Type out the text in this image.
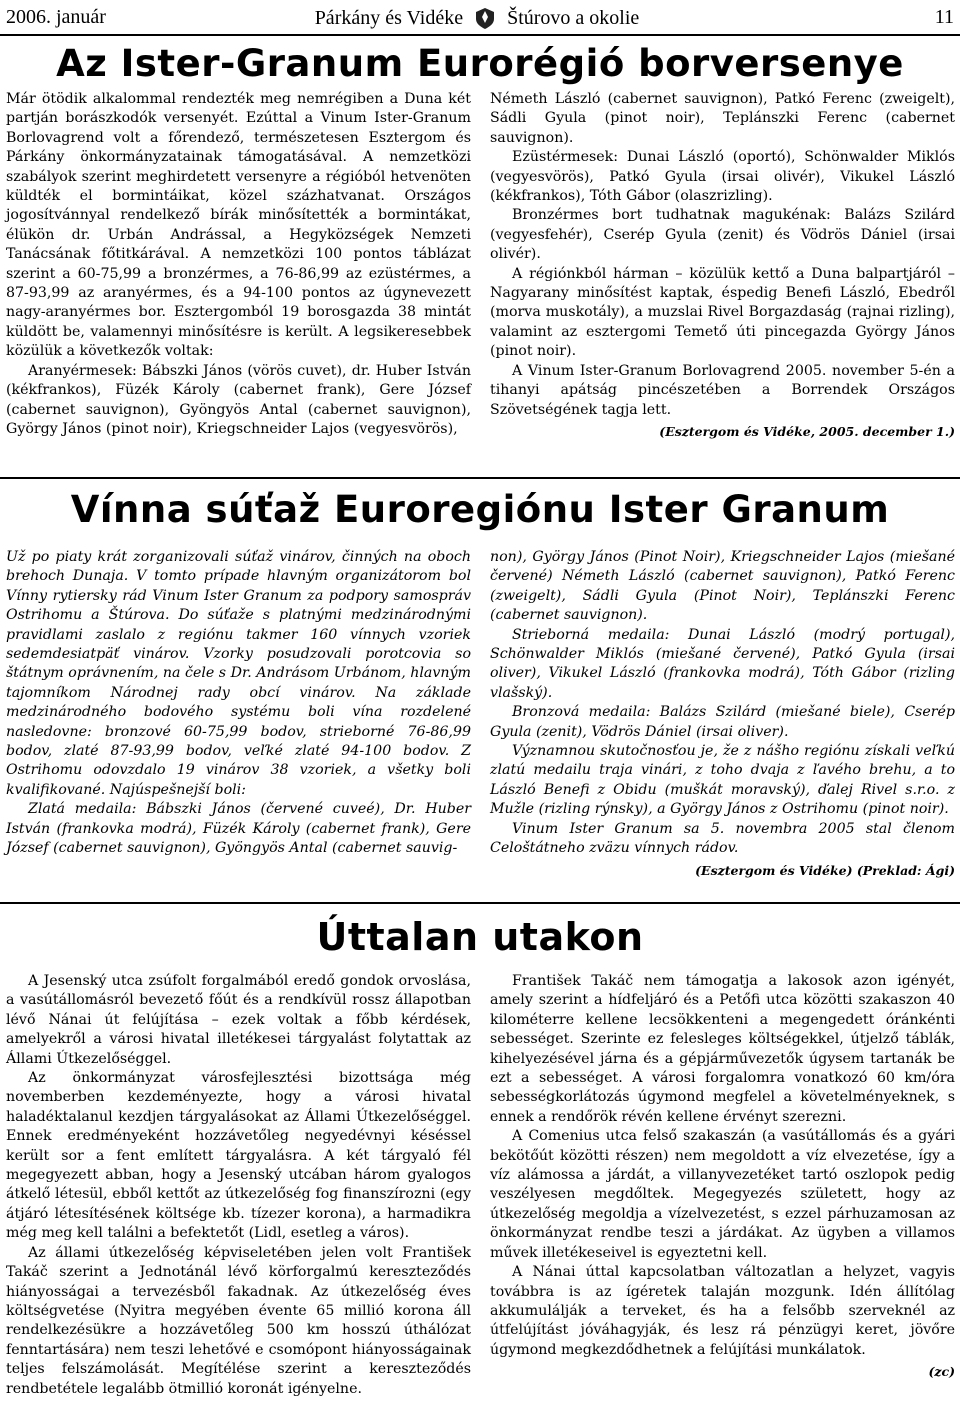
2006. január	Párkány és Vidéke Štúrovo a okolie	11
Az Ister-Granum Eurorégió borversenye

Már ötödik alkalommal rendezték meg nemrégiben a Duna két partján borászkodók versenyét. Ezúttal a Vinum Ister-Granum Borlovagrend volt a főrendező, természetesen Esztergom és Párkány önkormányzatainak támogatásával. A nemzetközi szabályok szerint meghirdetett versenyre a régióból hetvenöten küldték el bormintáikat, közel százhatvanat. Országos jogosítvánnyal rendelkező bírák minősítették a bormintákat, élükön dr. Urbán Andrással, a Hegyközségek Nemzeti Tanácsának főtitkárával. A nemzetközi 100 pontos táblázat szerint a 60-75,99 a bronzérmes, a 76-86,99 az ezüstérmes, a 87-93,99 az aranyérmes, és a 94-100 pontos az úgynevezett nagy-aranyérmes bor. Esztergomból 19 borosgazda 38 mintát küldött be, valamennyi minősítésre is került. A legsikeresebbek közülük a következők voltak:

Aranyérmesek: Bábszki János (vörös cuvet), dr. Huber István (kékfrankos), Füzék Károly (cabernet frank), Gere József (cabernet sauvignon), Gyöngyös Antal (cabernet sauvignon), György János (pinot noir), Kriegschneider Lajos (vegyesvörös),

Németh László (cabernet sauvignon), Patkó Ferenc (zweigelt), Sádli Gyula (pinot noir), Teplánszki Ferenc (cabernet sauvignon).

Ezüstérmesek: Dunai László (oportó), Schönwalder Miklós (vegyesvörös), Patkó Gyula (irsai olivér), Vikukel László (kékfrankos), Tóth Gábor (olaszrizling).

Bronzérmes bort tudhatnak magukénak: Balázs Szilárd (vegyesfehér), Cserép Gyula (zenit) és Vödrös Dániel (irsai olivér).

A régiónkból hárman – közülük kettő a Duna balpartjáról – Nagyarany minősítést kaptak, éspedig Benefi László, Ebedről (morva muskotály), a muzslai Rivel Borgazdaság (rajnai rizling), valamint az esztergomi Temető úti pincegazda György János (pinot noir).

A Vinum Ister-Granum Borlovagrend 2005. november 5-én a tihanyi apátság pincészetében a Borrendek Országos Szövetségének tagja lett.

(Esztergom és Vidéke, 2005. december 1.)

Vínna súťaž Euroregiónu Ister Granum

Už po piaty krát zorganizovali súťaž vinárov, činných na oboch brehoch Dunaja. V tomto prípade hlavným organizátorom bol Vínny rytiersky rád Vinum Ister Granum za podpory samospráv Ostrihomu a Štúrova. Do súťaže s platnými medzinárodnými pravidlami zaslalo z regiónu takmer 160 vínnych vzoriek sedemdesiatpäť vinárov. Vzorky posudzovali porotcovia so štátnym oprávnením, na čele s Dr. Andrásom Urbánom, hlavným tajomníkom Národnej rady obcí vinárov. Na základe medzinárodného bodového systému boli vína rozdelené nasledovne: bronzové 60-75,99 bodov, strieborné 76-86,99 bodov, zlaté 87-93,99 bodov, veľké zlaté 94-100 bodov. Z Ostrihomu odovzdalo 19 vinárov 38 vzoriek, a všetky boli kvalifikované. Najúspešnejší boli:

Zlatá medaila: Bábszki János (červené cuveé), Dr. Huber István (frankovka modrá), Füzék Károly (cabernet frank), Gere József (cabernet sauvignon), Gyöngyös Antal (cabernet sauvig-

non), György János (Pinot Noir), Kriegschneider Lajos (miešané červené) Németh László (cabernet sauvignon), Patkó Ferenc (zweigelt), Sádli Gyula (Pinot Noir), Teplánszki Ferenc (cabernet sauvignon).

Strieborná medaila: Dunai László (modrý portugal), Schönwalder Miklós (miešané červené), Patkó Gyula (irsai oliver), Vikukel László (frankovka modrá), Tóth Gábor (rizling vlašský).

Bronzová medaila: Balázs Szilárd (miešané biele), Cserép Gyula (zenit), Vödrös Dániel (irsai oliver).

Významnou skutočnosťou je, že z nášho regiónu získali veľkú zlatú medailu traja vinári, z toho dvaja z ľavého brehu, a to László Benefi z Obidu (muškát moravský), ďalej Rivel s.r.o. z Mužle (rizling rýnsky), a György János z Ostrihomu (pinot noir).

Vinum Ister Granum sa 5. novembra 2005 stal členom Celoštátneho zväzu vínnych rádov.

(Esztergom és Vidéke) (Preklad: Ági)

Úttalan utakon

A Jesenský utca zsúfolt forgalmából eredő gondok orvoslása, a vasútállomásról bevezető főút és a rendkívül rossz állapotban lévő Nánai út felújítása – ezek voltak a főbb kérdések, amelyekről a városi hivatal illetékesei tárgyalást folytattak az Állami Útkezelőséggel.

Az önkormányzat városfejlesztési bizottsága még novemberben kezdeményezte, hogy a városi hivatal haladéktalanul kezdjen tárgyalásokat az Állami Útkezelőséggel. Ennek eredményeként hozzávetőleg negyedévnyi késéssel került sor a fent említett tárgyalásra. A két tárgyaló fél megegyezett abban, hogy a Jesenský utcában három gyalogos átkelő létesül, ebből kettőt az útkezelőség fog finanszírozni (egy átjáró létesítésének költsége kb. tízezer korona), a harmadikra még meg kell találni a befektetőt (Lidl, esetleg a város).

Az állami útkezelőség képviseletében jelen volt František Takáč szerint a Jednotánál lévő körforgalmú kereszteződés hiányosságai a tervezésből fakadnak. Az útkezelőség éves költségvetése (Nyitra megyében évente 65 millió korona áll rendelkezésükre a hozzávetőleg 500 km hosszú úthálózat fenntartására) nem teszi lehetővé e csomópont hiányosságainak teljes felszámolását. Megítélése szerint a kereszteződés rendbetétele legalább ötmillió koronát igényelne.

František Takáč nem támogatja a lakosok azon igényét, amely szerint a hídfeljáró és a Petőfi utca közötti szakaszon 40 kilométerre kellene lecsökkenteni a megengedett óránkénti sebességet. Szerinte ez felesleges költségekkel, útjelző táblák, kihelyezésével járna és a gépjárművezetők úgysem tartanák be ezt a sebességet. A városi forgalomra vonatkozó 60 km/óra sebességkorlátozás úgymond megfelel a követelményeknek, s ennek a rendőrök révén kellene érvényt szerezni.

A Comenius utca felső szakaszán (a vasútállomás és a gyári bekötőút közötti részen) nem megoldott a víz elvezetése, így a víz alámossa a járdát, a villanyvezetéket tartó oszlopok pedig veszélyesen megdőltek. Megegyezés született, hogy az útkezelőség megoldja a vízelvezetést, s ezzel párhuzamosan az önkormányzat rendbe teszi a járdákat. Az ügyben a villamos művek illetékeseivel is egyeztetni kell.

A Nánai úttal kapcsolatban változatlan a helyzet, vagyis továbbra is az ígéretek talaján mozgunk. Idén állítólag akkumulálják a terveket, és ha a felsőbb szerveknél az útfelújítást jóváhagyják, és lesz rá pénzügyi keret, jövőre úgymond megkezdődhetnek a felújítási munkálatok.

(zc)
